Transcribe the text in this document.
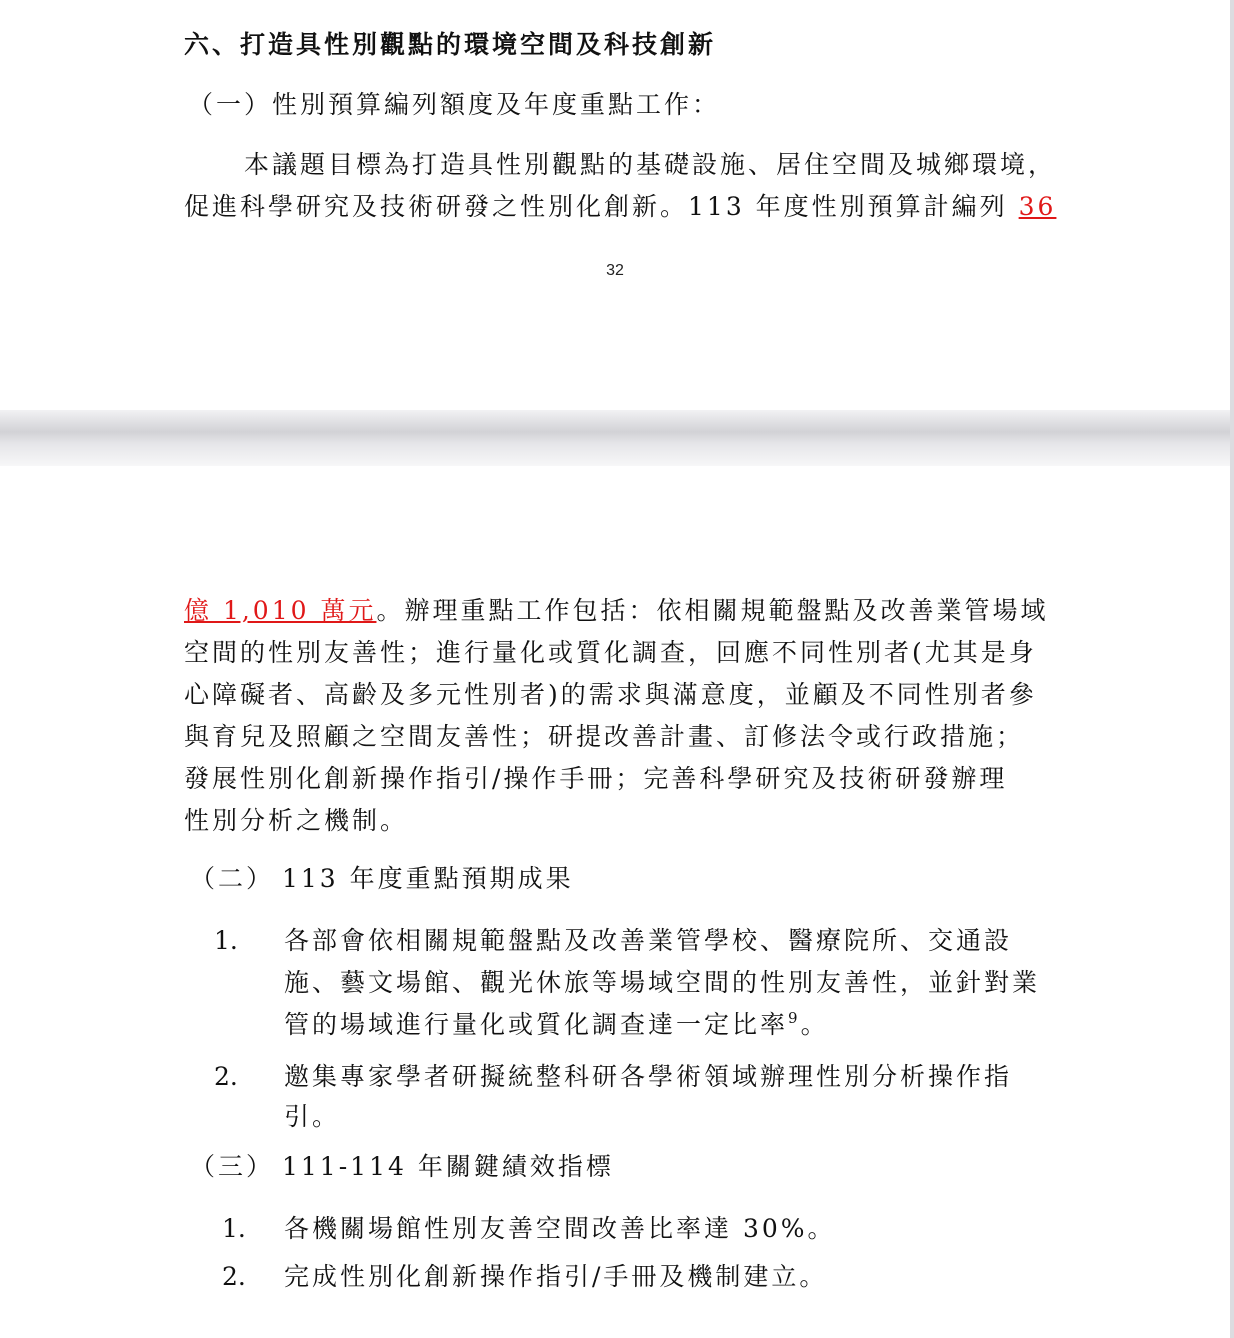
六、打造具性別觀點的環境空間及科技創新
（一）性別預算編列額度及年度重點工作：
本議題目標為打造具性別觀點的基礎設施、居住空間及城鄉環境，
促進科學研究及技術研發之性別化創新。113 年度性別預算計編列 36
32
億 1,010 萬元。辦理重點工作包括：依相關規範盤點及改善業管場域
空間的性別友善性；進行量化或質化調查，回應不同性別者(尤其是身
心障礙者、高齡及多元性別者)的需求與滿意度，並顧及不同性別者參
與育兒及照顧之空間友善性；研提改善計畫、訂修法令或行政措施；
發展性別化創新操作指引/操作手冊；完善科學研究及技術研發辦理
性別分析之機制。
（二） 113 年度重點預期成果
1. 各部會依相關規範盤點及改善業管學校、醫療院所、交通設
施、藝文場館、觀光休旅等場域空間的性別友善性，並針對業
管的場域進行量化或質化調查達一定比率$^9$。
2. 邀集專家學者研擬統整科研各學術領域辦理性別分析操作指
引。
（三） 111-114 年關鍵績效指標
1. 各機關場館性別友善空間改善比率達 30%。
2. 完成性別化創新操作指引/手冊及機制建立。
